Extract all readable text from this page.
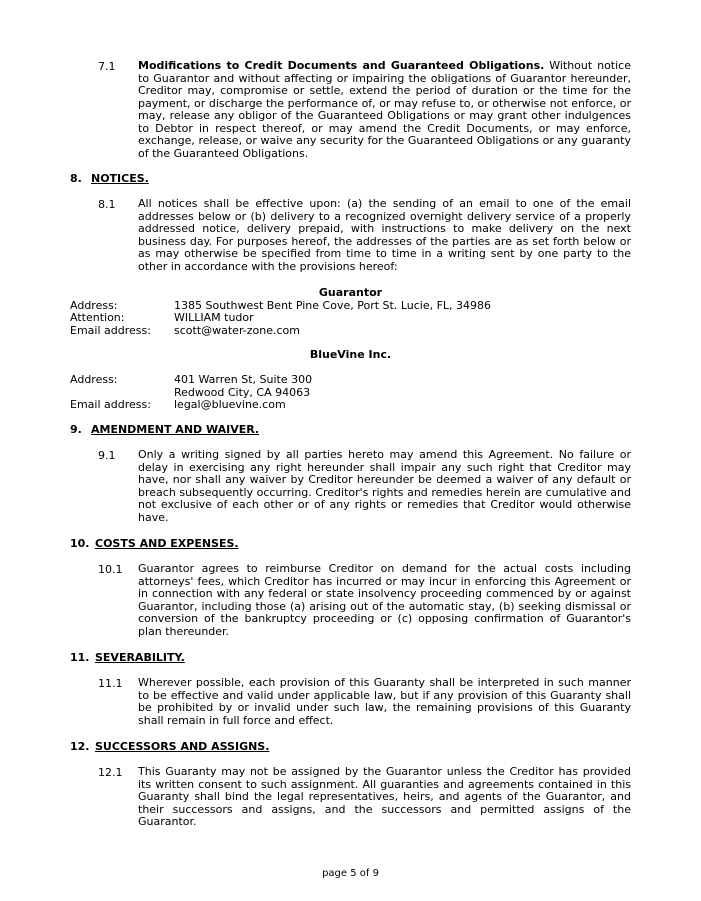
7.1 Modifications to Credit Documents and Guaranteed Obligations. Without notice to Guarantor and without affecting or impairing the obligations of Guarantor hereunder, Creditor may, compromise or settle, extend the period of duration or the time for the payment, or discharge the performance of, or may refuse to, or otherwise not enforce, or may, release any obligor of the Guaranteed Obligations or may grant other indulgences to Debtor in respect thereof, or may amend the Credit Documents, or may enforce, exchange, release, or waive any security for the Guaranteed Obligations or any guaranty of the Guaranteed Obligations.
8. NOTICES.
8.1 All notices shall be effective upon: (a) the sending of an email to one of the email addresses below or (b) delivery to a recognized overnight delivery service of a properly addressed notice, delivery prepaid, with instructions to make delivery on the next business day. For purposes hereof, the addresses of the parties are as set forth below or as may otherwise be specified from time to time in a writing sent by one party to the other in accordance with the provisions hereof:
Guarantor
Address:	1385 Southwest Bent Pine Cove, Port St. Lucie, FL, 34986
Attention:	WILLIAM tudor
Email address: scott@water-zone.com
BlueVine Inc.
Address:	401 Warren St, Suite 300
Redwood City, CA 94063
Email address: legal@bluevine.com
9. AMENDMENT AND WAIVER.
9.1 Only a writing signed by all parties hereto may amend this Agreement. No failure or delay in exercising any right hereunder shall impair any such right that Creditor may have, nor shall any waiver by Creditor hereunder be deemed a waiver of any default or breach subsequently occurring. Creditor's rights and remedies herein are cumulative and not exclusive of each other or of any rights or remedies that Creditor would otherwise have.
10. COSTS AND EXPENSES.
10.1 Guarantor agrees to reimburse Creditor on demand for the actual costs including attorneys' fees, which Creditor has incurred or may incur in enforcing this Agreement or in connection with any federal or state insolvency proceeding commenced by or against Guarantor, including those (a) arising out of the automatic stay, (b) seeking dismissal or conversion of the bankruptcy proceeding or (c) opposing confirmation of Guarantor's plan thereunder.
11. SEVERABILITY.
11.1 Wherever possible, each provision of this Guaranty shall be interpreted in such manner to be effective and valid under applicable law, but if any provision of this Guaranty shall be prohibited by or invalid under such law, the remaining provisions of this Guaranty shall remain in full force and effect.
12. SUCCESSORS AND ASSIGNS.
12.1 This Guaranty may not be assigned by the Guarantor unless the Creditor has provided its written consent to such assignment. All guaranties and agreements contained in this Guaranty shall bind the legal representatives, heirs, and agents of the Guarantor, and their successors and assigns, and the successors and permitted assigns of the Guarantor.
page 5 of 9
